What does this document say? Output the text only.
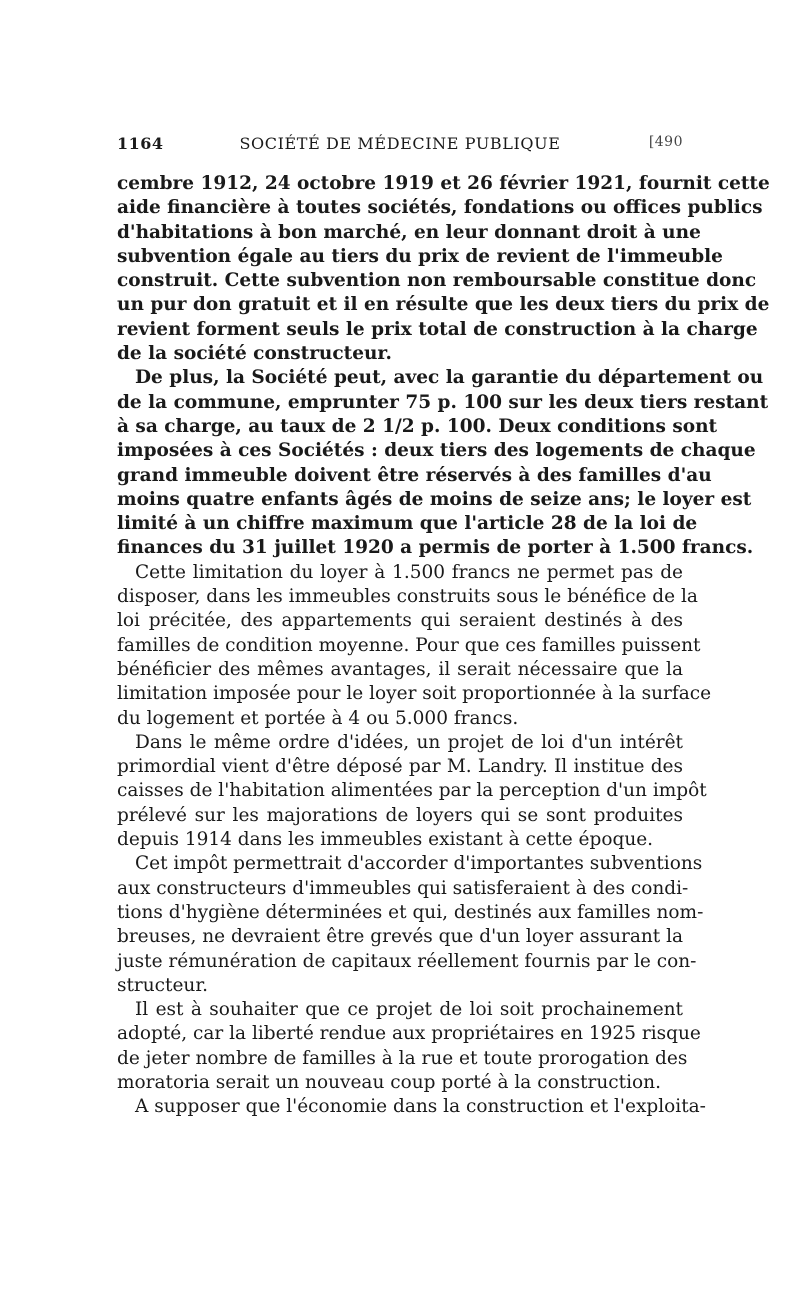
1164	SOCIÉTÉ DE MÉDECINE PUBLIQUE	[490
cembre 1912, 24 octobre 1919 et 26 février 1921, fournit cette
aide financière à toutes sociétés, fondations ou offices publics
d'habitations à bon marché, en leur donnant droit à une
subvention égale au tiers du prix de revient de l'immeuble
construit. Cette subvention non remboursable constitue donc
un pur don gratuit et il en résulte que les deux tiers du prix de
revient forment seuls le prix total de construction à la charge
de la société constructeur.
De plus, la Société peut, avec la garantie du département ou
de la commune, emprunter 75 p. 100 sur les deux tiers restant
à sa charge, au taux de 2 1/2 p. 100. Deux conditions sont
imposées à ces Sociétés : deux tiers des logements de chaque
grand immeuble doivent être réservés à des familles d'au
moins quatre enfants âgés de moins de seize ans; le loyer est
limité à un chiffre maximum que l'article 28 de la loi de
finances du 31 juillet 1920 a permis de porter à 1.500 francs.
Cette limitation du loyer à 1.500 francs ne permet pas de
disposer, dans les immeubles construits sous le bénéfice de la
loi précitée, des appartements qui seraient destinés à des
familles de condition moyenne. Pour que ces familles puissent
bénéficier des mêmes avantages, il serait nécessaire que la
limitation imposée pour le loyer soit proportionnée à la surface
du logement et portée à 4 ou 5.000 francs.
Dans le même ordre d'idées, un projet de loi d'un intérêt
primordial vient d'être déposé par M. Landry. Il institue des
caisses de l'habitation alimentées par la perception d'un impôt
prélevé sur les majorations de loyers qui se sont produites
depuis 1914 dans les immeubles existant à cette époque.
Cet impôt permettrait d'accorder d'importantes subventions
aux constructeurs d'immeubles qui satisferaient à des condi-
tions d'hygiène déterminées et qui, destinés aux familles nom-
breuses, ne devraient être grevés que d'un loyer assurant la
juste rémunération de capitaux réellement fournis par le con-
structeur.
Il est à souhaiter que ce projet de loi soit prochainement
adopté, car la liberté rendue aux propriétaires en 1925 risque
de jeter nombre de familles à la rue et toute prorogation des
moratoria serait un nouveau coup porté à la construction.
A supposer que l'économie dans la construction et l'exploita-
